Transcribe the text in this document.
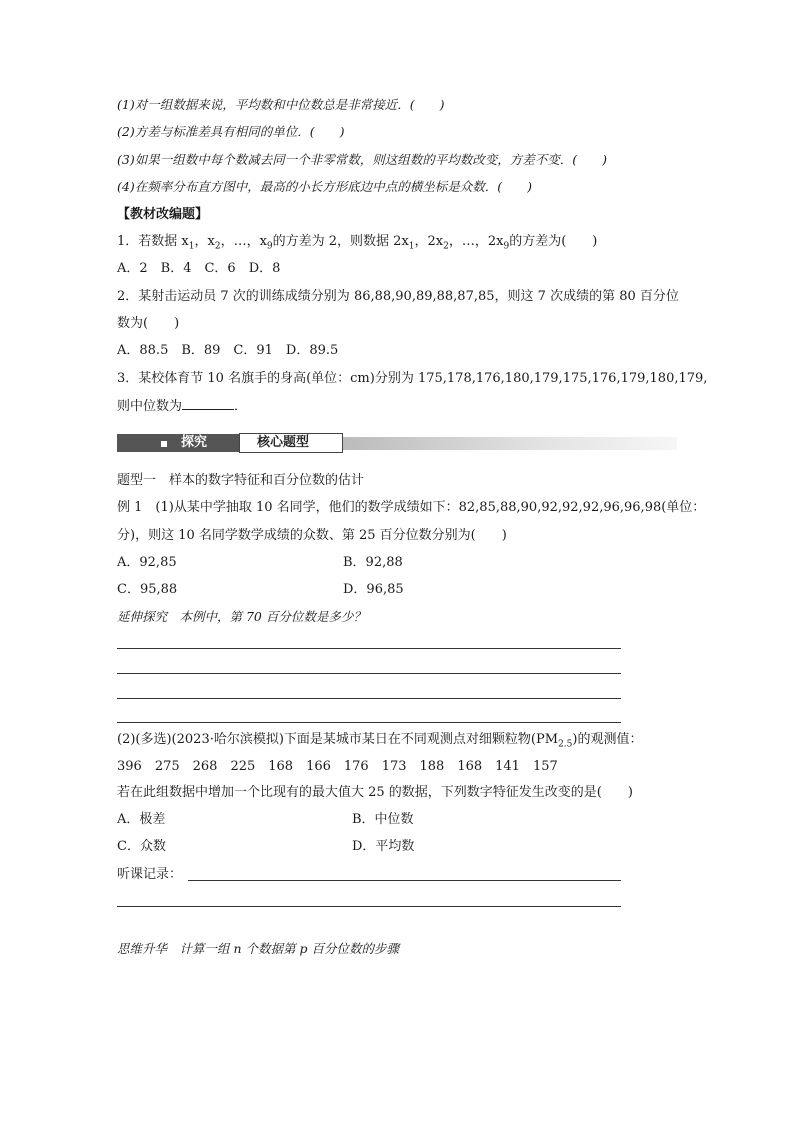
(1)对一组数据来说，平均数和中位数总是非常接近．(　　)
(2)方差与标准差具有相同的单位．(　　)
(3)如果一组数中每个数减去同一个非零常数，则这组数的平均数改变，方差不变．(　　)
(4)在频率分布直方图中，最高的小长方形底边中点的横坐标是众数．(　　)
【教材改编题】
1．若数据 $x_1$，$x_2$，…，$x_9$的方差为 2，则数据 $2x_1$，$2x_2$，…，$2x_9$的方差为(　　)
A．2　B．4　C．6　D．8
2．某射击运动员 7 次的训练成绩分别为 86,88,90,89,88,87,85，则这 7 次成绩的第 80 百分位
数为(　　)
A．88.5　B．89　C．91　D．89.5
3．某校体育节 10 名旗手的身高(单位：cm)分别为 175,178,176,180,179,175,176,179,180,179,
则中位数为	．
探究	核心题型
题型一　样本的数字特征和百分位数的估计
例 1　(1)从某中学抽取 10 名同学，他们的数学成绩如下：82,85,88,90,92,92,92,96,96,98(单位：
分)，则这 10 名同学数学成绩的众数、第 25 百分位数分别为(　　)
A．92,85	B．92,88
C．95,88	D．96,85
延伸探究　本例中，第 70 百分位数是多少？
(2)(多选)(2023·哈尔滨模拟)下面是某城市某日在不同观测点对细颗粒物$(PM_{2.5})$的观测值：
396　275　268　225　168　166　176　173　188　168　141　157
若在此组数据中增加一个比现有的最大值大 25 的数据，下列数字特征发生改变的是(　　)
A．极差	B．中位数
C．众数	D．平均数
听课记录：
思维升华　计算一组 n 个数据第 p 百分位数的步骤
